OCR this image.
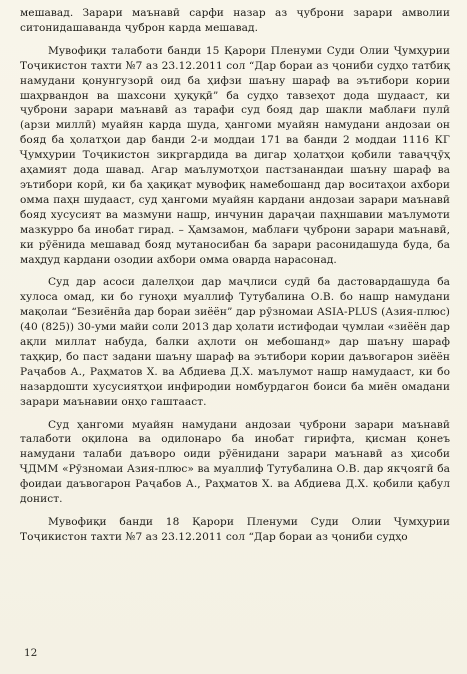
мешавад. Зарари маънавӣ сарфи назар аз ҷуброни зарари амволии ситонидашаванда ҷуброн карда мешавад.

Мувофиқи талаботи банди 15 Қарори Пленуми Суди Олии Ҷумҳурии Тоҷикистон тахти №7 аз 23.12.2011 сол “Дар бораи аз ҷониби судҳо татбиқ намудани қонунгузорӣ оид ба ҳифзи шаъну шараф ва эътибори кории шаҳрвандон ва шахсони ҳуқуқӣ” ба судҳо тавзеҳот дода шудааст, ки ҷуброни зарари маънавӣ аз тарафи суд бояд дар шакли маблағи пулӣ (арзи миллӣ) муайян карда шуда, ҳангоми муайян намудани андозаи он бояд ба ҳолатҳои дар банди 2-и моддаи 171 ва банди 2 моддаи 1116 КГ Ҷумҳурии Тоҷикистон зикргардида ва дигар ҳолатҳои қобили таваҷҷӯҳ аҳамият дода шавад. Агар маълумотҳои пастзанандаи шаъну шараф ва эътибори корӣ, ки ба ҳақиқат мувофиқ намебошанд дар воситаҳои ахбори омма паҳн шудааст, суд ҳангоми муайян кардани андозаи зарари маънавӣ бояд хусусият ва мазмуни нашр, инчунин дараҷаи паҳншавии маълумоти мазкурро ба инобат гирад. – Ҳамзамон, маблағи ҷуброни зарари маънавӣ, ки рӯёнида мешавад бояд мутаносибан ба зарари расонидашуда буда, ба маҳдуд кардани озодии ахбори омма оварда нарасонад.

Суд дар асоси далелҳои дар маҷлиси судӣ ба дастовардашуда ба хулоса омад, ки бо гуноҳи муаллиф Тутубалина О.В. бо нашр намудани мақолаи “Безиёнӣа дар бораи зиёён” дар рӯзномаи ASIA-PLUS (Азия-плюс) (40 (825)) 30-уми майи соли 2013 дар ҳолати истифодаи ҷумлаи «зиёён дар ақли миллат набуда, балки аҳлоти он мебошанд» дар шаъну шараф таҳқир, бо паст задани шаъну шараф ва эътибори кории даъвогарон зиёён Раҷабов А., Раҳматов Х. ва Абдиева Д.Х. маълумот нашр намудааст, ки бо назардошти хусусиятҳои инфиродии номбурдагон боиси ба миён омадани зарари маънавии онҳо гаштааст.

Суд ҳангоми муайян намудани андозаи ҷуброни зарари маънавӣ талаботи оқилона ва одилонаро ба инобат гирифта, қисман қонеъ намудани талаби даъворо оиди рӯёнидани зарари маънавӣ аз ҳисоби ҶДММ «Рӯзномаи Азия-плюс» ва муаллиф Тутубалина О.В. дар якҷоягӣ ба фоидаи даъвогарон Раҷабов А., Раҳматов Х. ва Абдиева Д.Х. қобили қабул донист.

Мувофиқи банди 18 Қарори Пленуми Суди Олии Ҷумҳурии Тоҷикистон тахти №7 аз 23.12.2011 сол “Дар бораи аз ҷониби судҳо

12
